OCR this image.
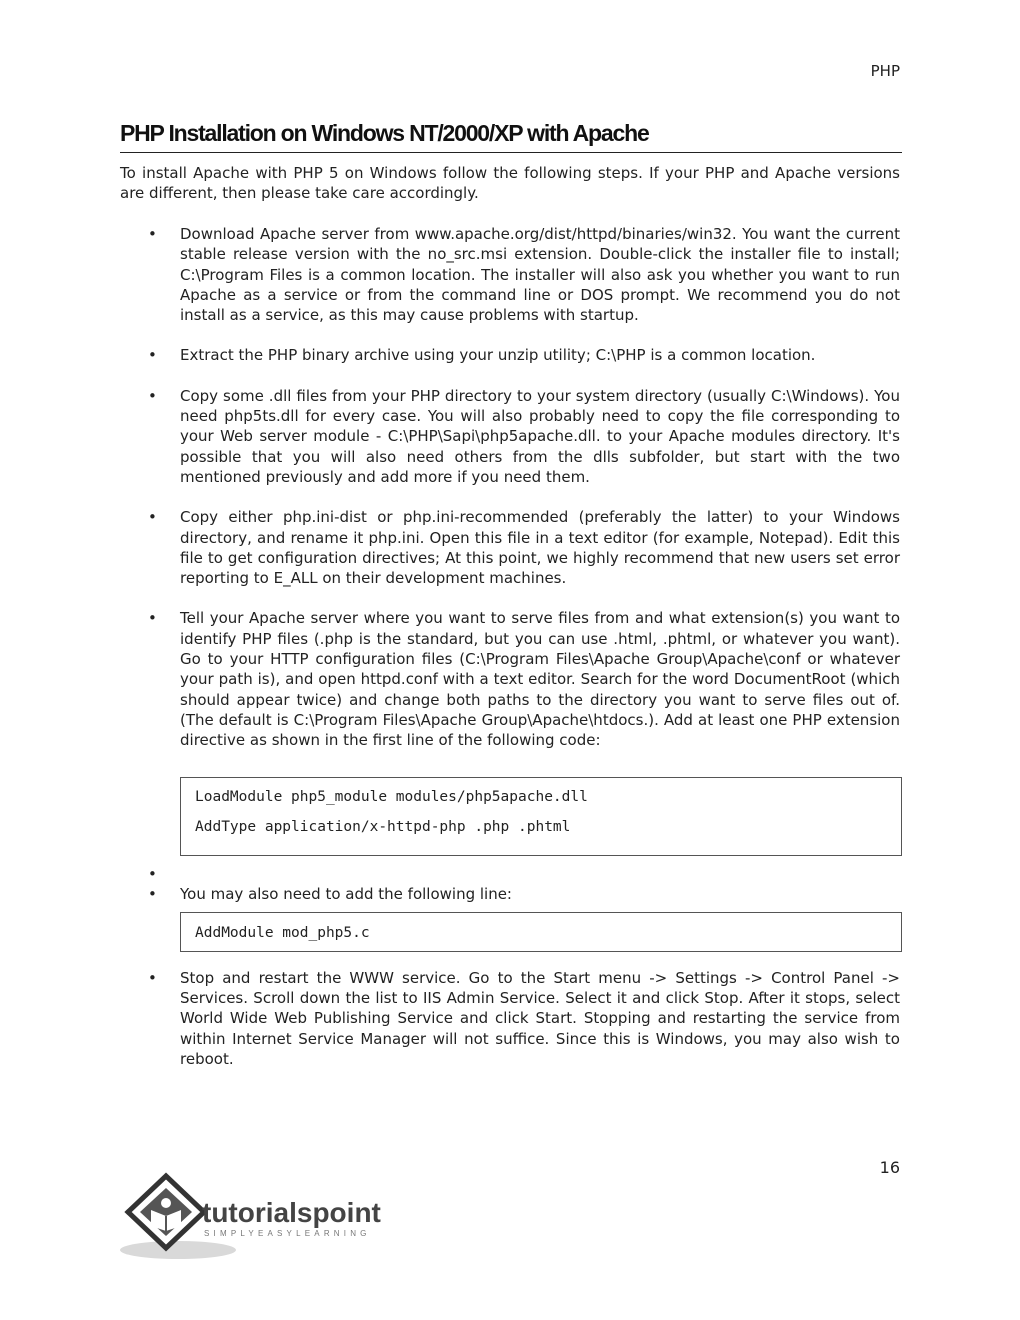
PHP
PHP Installation on Windows NT/2000/XP with Apache

To install Apache with PHP 5 on Windows follow the following steps. If your PHP and Apache versions are different, then please take care accordingly.

• Download Apache server from www.apache.org/dist/httpd/binaries/win32. You want the current stable release version with the no_src.msi extension. Double-click the installer file to install; C:\Program Files is a common location. The installer will also ask you whether you want to run Apache as a service or from the command line or DOS prompt. We recommend you do not install as a service, as this may cause problems with startup.
• Extract the PHP binary archive using your unzip utility; C:\PHP is a common location.
• Copy some .dll files from your PHP directory to your system directory (usually C:\Windows). You need php5ts.dll for every case. You will also probably need to copy the file corresponding to your Web server module - C:\PHP\Sapi\php5apache.dll. to your Apache modules directory. It's possible that you will also need others from the dlls subfolder, but start with the two mentioned previously and add more if you need them.
• Copy either php.ini-dist or php.ini-recommended (preferably the latter) to your Windows directory, and rename it php.ini. Open this file in a text editor (for example, Notepad). Edit this file to get configuration directives; At this point, we highly recommend that new users set error reporting to E_ALL on their development machines.
• Tell your Apache server where you want to serve files from and what extension(s) you want to identify PHP files (.php is the standard, but you can use .html, .phtml, or whatever you want). Go to your HTTP configuration files (C:\Program Files\Apache Group\Apache\conf or whatever your path is), and open httpd.conf with a text editor. Search for the word DocumentRoot (which should appear twice) and change both paths to the directory you want to serve files out of. (The default is C:\Program Files\Apache Group\Apache\htdocs.). Add at least one PHP extension directive as shown in the first line of the following code:

LoadModule php5_module modules/php5apache.dll

AddType application/x-httpd-php .php .phtml

•
• You may also need to add the following line:

AddModule mod_php5.c

• Stop and restart the WWW service. Go to the Start menu -> Settings -> Control Panel -> Services. Scroll down the list to IIS Admin Service. Select it and click Stop. After it stops, select World Wide Web Publishing Service and click Start. Stopping and restarting the service from within Internet Service Manager will not suffice. Since this is Windows, you may also wish to reboot.
16
tutorialspoint
SIMPLYEASYLEARNING
